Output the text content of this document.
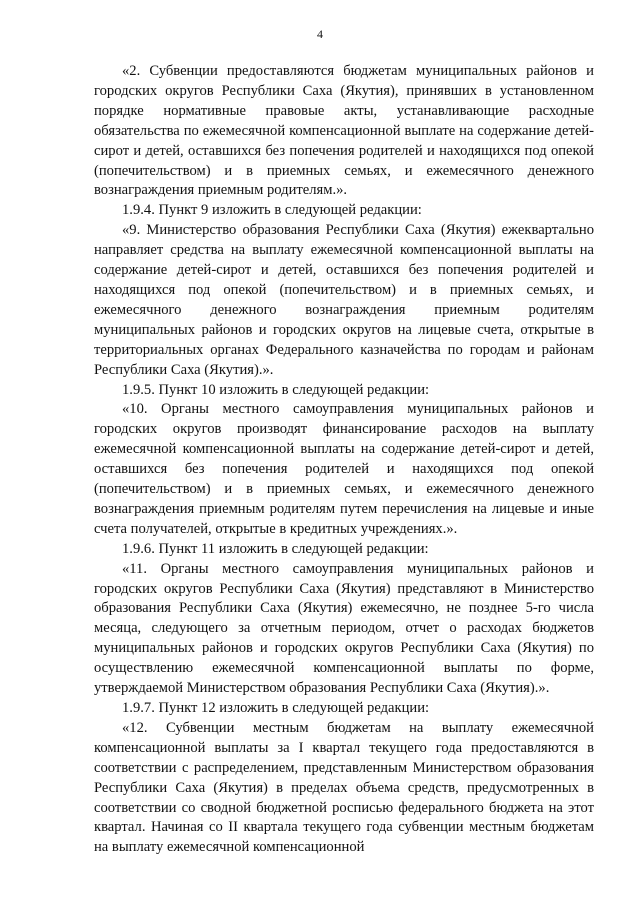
4

«2. Субвенции предоставляются бюджетам муниципальных районов и городских округов Республики Саха (Якутия), принявших в установленном порядке нормативные правовые акты, устанавливающие расходные обязательства по ежемесячной компенсационной выплате на содержание детей-сирот и детей, оставшихся без попечения родителей и находящихся под опекой (попечительством) и в приемных семьях, и ежемесячного денежного вознаграждения приемным родителям.».

1.9.4. Пункт 9 изложить в следующей редакции:

«9. Министерство образования Республики Саха (Якутия) ежеквартально направляет средства на выплату ежемесячной компенсационной выплаты на содержание детей-сирот и детей, оставшихся без попечения родителей и находящихся под опекой (попечительством) и в приемных семьях, и ежемесячного денежного вознаграждения приемным родителям муниципальных районов и городских округов на лицевые счета, открытые в территориальных органах Федерального казначейства по городам и районам Республики Саха (Якутия).».

1.9.5. Пункт 10 изложить в следующей редакции:

«10. Органы местного самоуправления муниципальных районов и городских округов производят финансирование расходов на выплату ежемесячной компенсационной выплаты на содержание детей-сирот и детей, оставшихся без попечения родителей и находящихся под опекой (попечительством) и в приемных семьях, и ежемесячного денежного вознаграждения приемным родителям путем перечисления на лицевые и иные счета получателей, открытые в кредитных учреждениях.».

1.9.6. Пункт 11 изложить в следующей редакции:

«11. Органы местного самоуправления муниципальных районов и городских округов Республики Саха (Якутия) представляют в Министерство образования Республики Саха (Якутия) ежемесячно, не позднее 5-го числа месяца, следующего за отчетным периодом, отчет о расходах бюджетов муниципальных районов и городских округов Республики Саха (Якутия) по осуществлению ежемесячной компенсационной выплаты по форме, утверждаемой Министерством образования Республики Саха (Якутия).».

1.9.7. Пункт 12 изложить в следующей редакции:

«12. Субвенции местным бюджетам на выплату ежемесячной компенсационной выплаты за I квартал текущего года предоставляются в соответствии с распределением, представленным Министерством образования Республики Саха (Якутия) в пределах объема средств, предусмотренных в соответствии со сводной бюджетной росписью федерального бюджета на этот квартал. Начиная со II квартала текущего года субвенции местным бюджетам на выплату ежемесячной компенсационной
